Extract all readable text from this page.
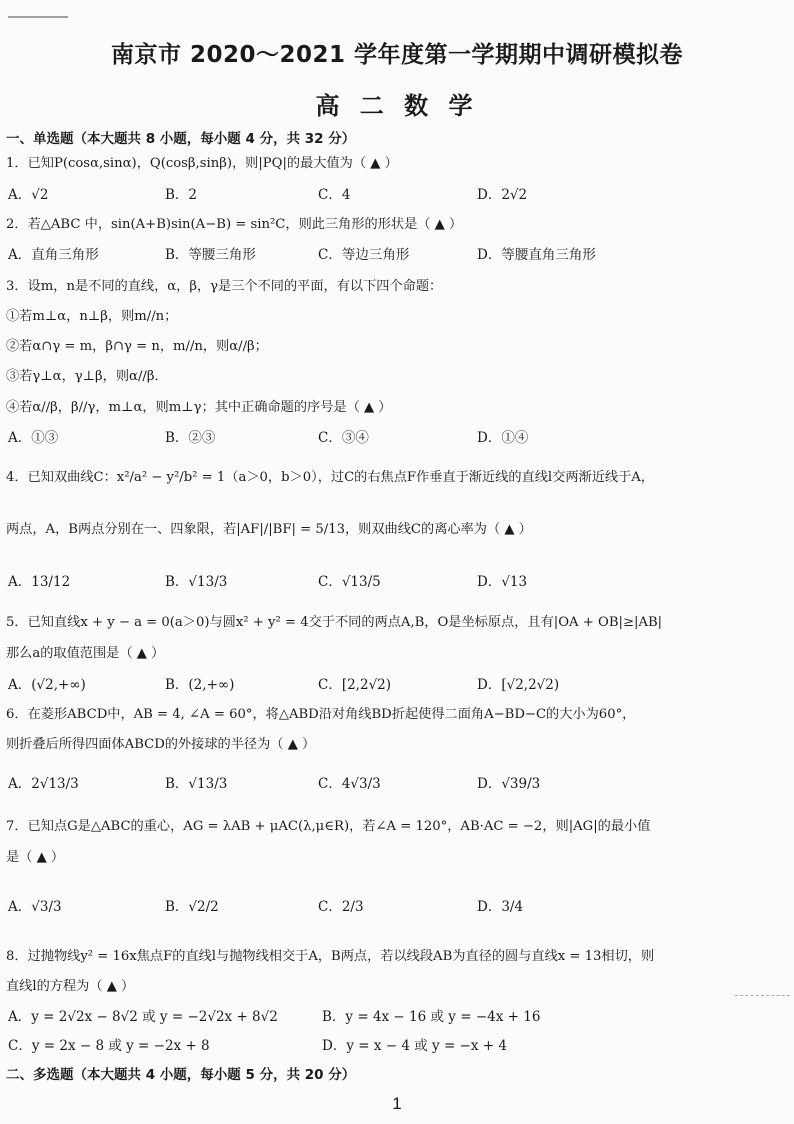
南京市 2020～2021 学年度第一学期期中调研模拟卷
高 二 数 学
一、单选题（本大题共 8 小题，每小题 4 分，共 32 分）
1．已知P(cosα,sinα)，Q(cosβ,sinβ)，则|PQ|的最大值为（ ▲ ）
A．√2	B．2	C．4	D．2√2
2．若△ABC 中，sin(A+B)sin(A−B) = sin²C，则此三角形的形状是（ ▲ ）
A．直角三角形	B．等腰三角形	C．等边三角形	D．等腰直角三角形
3．设m，n是不同的直线，α，β，γ是三个不同的平面，有以下四个命题：
①若m⊥α，n⊥β，则m//n；
②若α∩γ = m，β∩γ = n，m//n，则α//β；
③若γ⊥α，γ⊥β，则α//β．
④若α//β，β//γ，m⊥α，则m⊥γ；其中正确命题的序号是（ ▲ ）
A．①③	B．②③	C．③④	D．①④
4．已知双曲线C：x²/a² − y²/b² = 1（a＞0，b＞0），过C的右焦点F作垂直于渐近线的直线l交两渐近线于A，
两点，A，B两点分别在一、四象限，若|AF|/|BF| = 5/13，则双曲线C的离心率为（ ▲ ）
A．13/12	B．√13/3	C．√13/5	D．√13
5．已知直线x + y − a = 0(a＞0)与圆x² + y² = 4交于不同的两点A,B，O是坐标原点，且有|OA + OB|≥|AB|
那么a的取值范围是（ ▲ ）
A．(√2,+∞)	B．(2,+∞)	C．[2,2√2)	D．[√2,2√2)
6．在菱形ABCD中，AB = 4, ∠A = 60°，将△ABD沿对角线BD折起使得二面角A−BD−C的大小为60°，
则折叠后所得四面体ABCD的外接球的半径为（ ▲ ）
A．2√13/3	B．√13/3	C．4√3/3	D．√39/3
7．已知点G是△ABC的重心，AG = λAB + μAC(λ,μ∈R)，若∠A = 120°，AB·AC = −2，则|AG|的最小值
是（ ▲ ）
A．√3/3	B．√2/2	C．2/3	D．3/4
8．过抛物线y² = 16x焦点F的直线l与抛物线相交于A，B两点，若以线段AB为直径的圆与直线x = 13相切，则
直线l的方程为（ ▲ ）
A．y = 2√2x − 8√2 或 y = −2√2x + 8√2	B．y = 4x − 16 或 y = −4x + 16
C．y = 2x − 8 或 y = −2x + 8	D．y = x − 4 或 y = −x + 4
二、多选题（本大题共 4 小题，每小题 5 分，共 20 分）
1
